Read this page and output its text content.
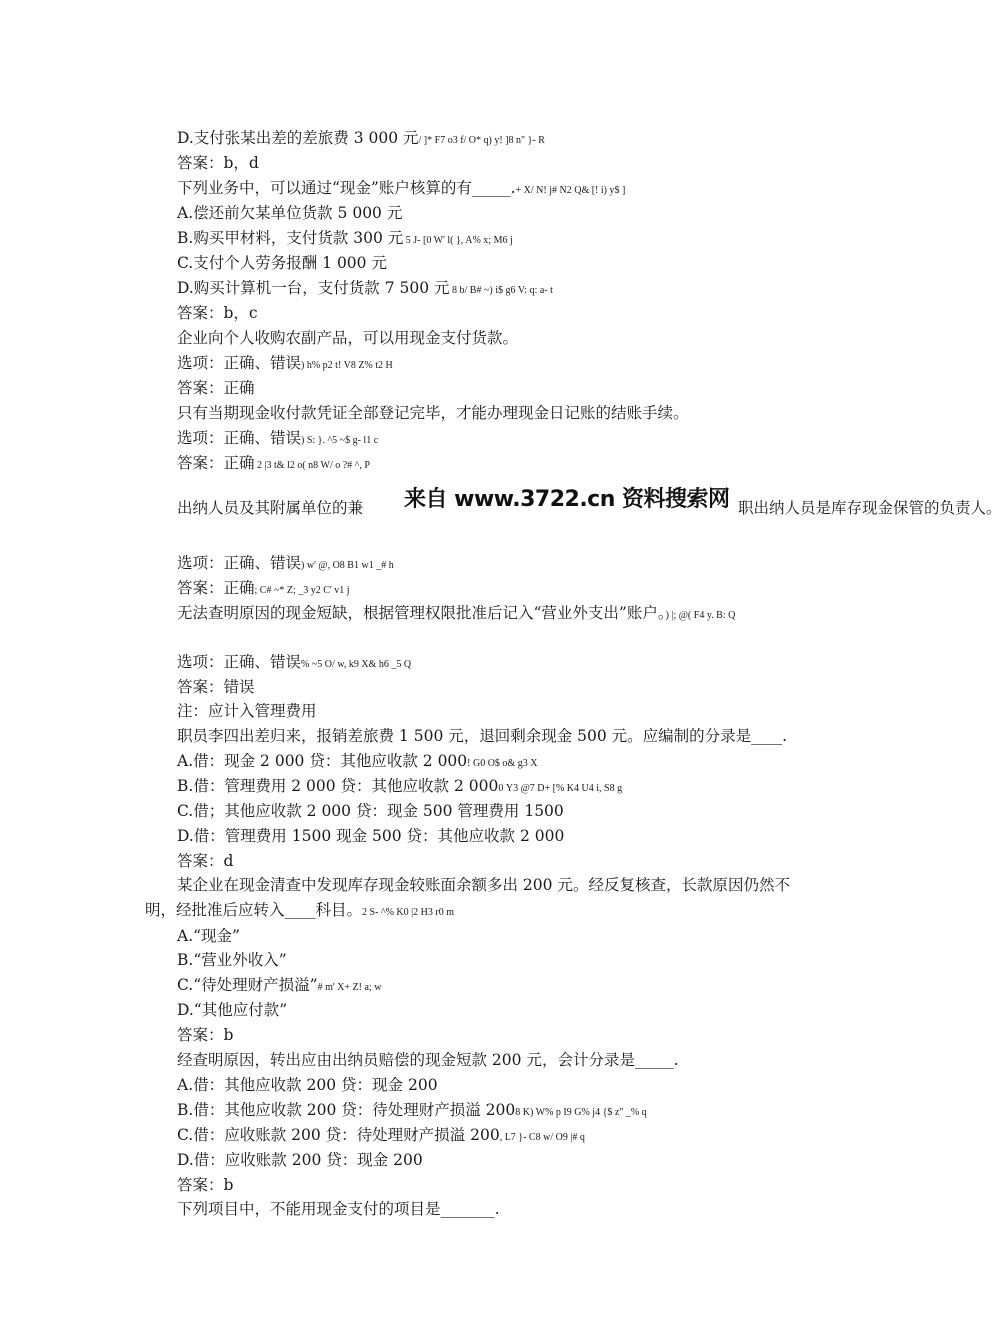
D.支付张某出差的差旅费 3 000 元/ ]* F7 o3 f/ O* q) y! ]8 n" }- R
答案：b，d
下列业务中，可以通过“现金”账户核算的有_____.+ X/ N! j# N2 Q& [! i) y$ ]
A.偿还前欠某单位货款 5 000 元
B.购买甲材料，支付货款 300 元 5 J- [0 W' l( }, A% x; M6 j
C.支付个人劳务报酬 1 000 元
D.购买计算机一台，支付货款 7 500 元 8 b/ B# ~) i$ g6 V: q: a- t
答案：b，c
企业向个人收购农副产品，可以用现金支付货款。
选项：正确、错误) h% p2 t! V8 Z% t2 H
答案：正确
只有当期现金收付款凭证全部登记完毕，才能办理现金日记账的结账手续。
选项：正确、错误) S: }. ^5 ~$ g- l1 c
答案：正确 2 |3 t& l2 o( n8 W/ o ?# ^, P
出纳人员及其附属单位的兼	职出纳人员是库存现金保管的负责人。
来自 www.3722.cn 资料搜索网
选项：正确、错误) w' @, O8 B1 w1 _# h
答案：正确; C# ~* Z; _3 y2 C' v1 j
无法查明原因的现金短缺，根据管理权限批准后记入“营业外支出”账户。) |; @( F4 y. B: Q
选项：正确、错误% ~5 O/ w, k9 X& h6 _5 Q
答案：错误
注：应计入管理费用
职员李四出差归来，报销差旅费 1 500 元，退回剩余现金 500 元。应编制的分录是____.
A.借：现金 2 000 贷：其他应收款 2 000! G0 O$ o& g3 X
B.借：管理费用 2 000 贷：其他应收款 2 0000 Y3 @7 D+ [% K4 U4 i, S8 g
C.借；其他应收款 2 000 贷：现金 500 管理费用 1500
D.借：管理费用 1500 现金 500 贷：其他应收款 2 000
答案：d
某企业在现金清查中发现库存现金较账面余额多出 200 元。经反复核查，长款原因仍然不明，经批准后应转入____科目。2 S- ^% K0 |2 H3 r0 m
A.“现金”
B.“营业外收入”
C.“待处理财产损溢”# m' X+ Z! a; w
D.“其他应付款”
答案：b
经查明原因，转出应由出纳员赔偿的现金短款 200 元，会计分录是_____.
A.借：其他应收款 200 贷：现金 200
B.借：其他应收款 200 贷：待处理财产损溢 2008 K) W% p I9 G% j4 {$ z" _% q
C.借：应收账款 200 贷：待处理财产损溢 200, L7 }- C8 w/ O9 |# q
D.借：应收账款 200 贷：现金 200
答案：b
下列项目中，不能用现金支付的项目是_______.
